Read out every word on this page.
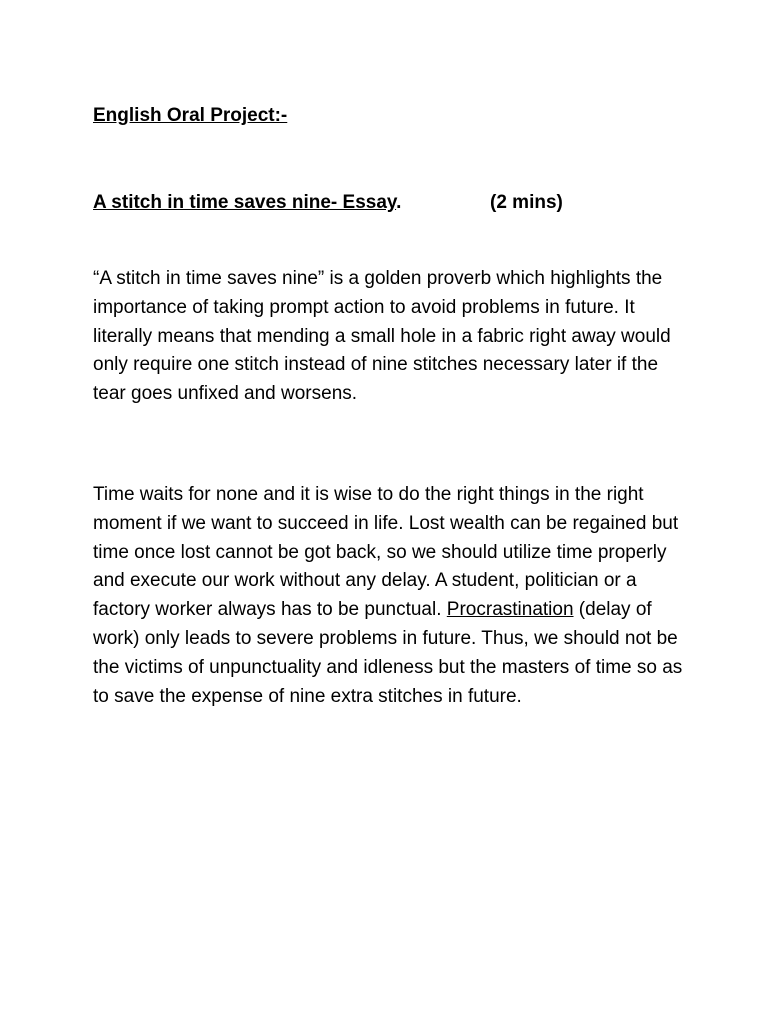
English Oral Project:-
A stitch in time saves nine- Essay.	(2 mins)

“A stitch in time saves nine” is a golden proverb which highlights the importance of taking prompt action to avoid problems in future. It literally means that mending a small hole in a fabric right away would only require one stitch instead of nine stitches necessary later if the tear goes unfixed and worsens.

Time waits for none and it is wise to do the right things in the right moment if we want to succeed in life. Lost wealth can be regained but time once lost cannot be got back, so we should utilize time properly and execute our work without any delay. A student, politician or a factory worker always has to be punctual. Procrastination (delay of work) only leads to severe problems in future. Thus, we should not be the victims of unpunctuality and idleness but the masters of time so as to save the expense of nine extra stitches in future.
